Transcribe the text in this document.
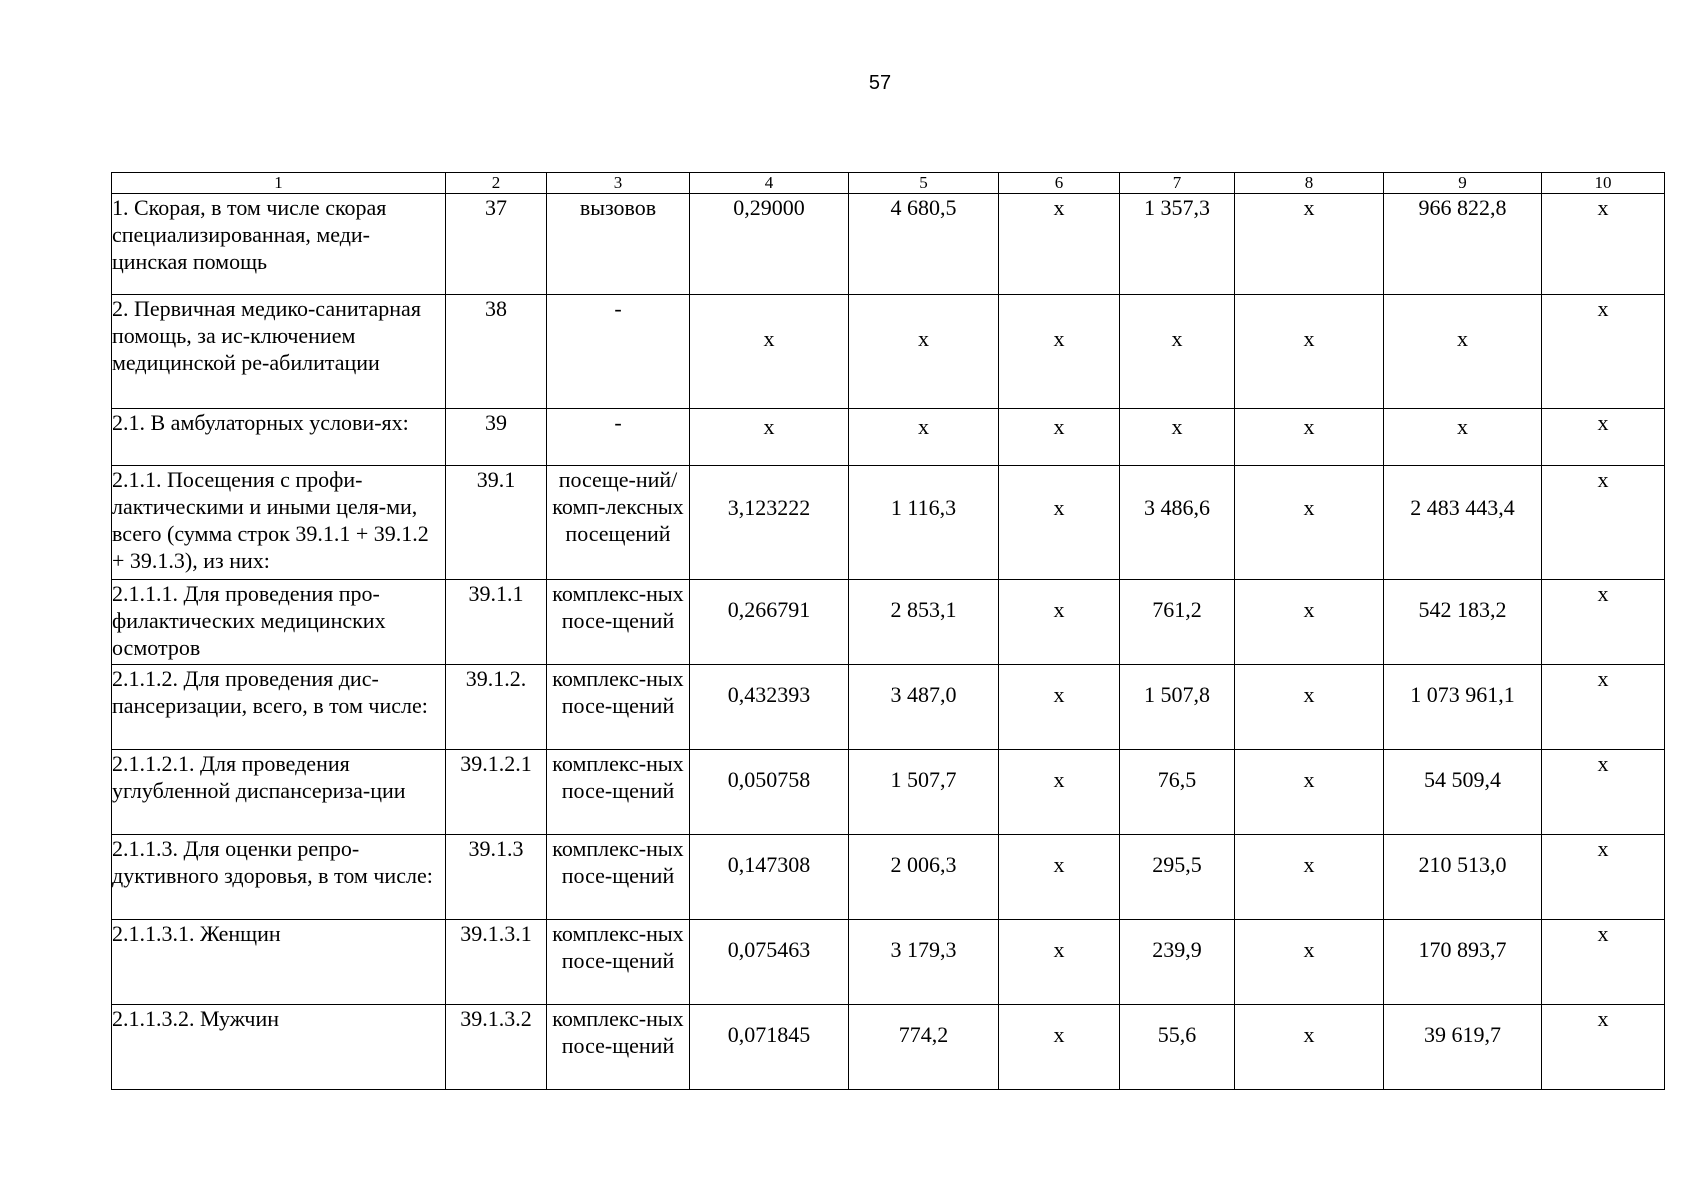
57
1	2	3	4	5	6	7	8	9	10
1. Скорая, в том числе скорая специализированная, меди-цинская помощь	37	вызовов	0,29000	4 680,5	х	1 357,3	х	966 822,8	х
2. Первичная медико-санитарная помощь, за ис-ключением медицинской ре-абилитации	38	-	х	х	х	х	х	х	х
2.1. В амбулаторных услови-ях:	39	-	х	х	х	х	х	х	х
2.1.1. Посещения с профи-лактическими и иными целя-ми, всего (сумма строк 39.1.1 + 39.1.2 + 39.1.3), из них:	39.1	посеще-ний/комп-лексных посещений	3,123222	1 116,3	х	3 486,6	х	2 483 443,4	х
2.1.1.1. Для проведения про-филактических медицинских осмотров	39.1.1	комплекс-ных посе-щений	0,266791	2 853,1	х	761,2	х	542 183,2	х
2.1.1.2. Для проведения дис-пансеризации, всего, в том числе:	39.1.2.	комплекс-ных посе-щений	0,432393	3 487,0	х	1 507,8	х	1 073 961,1	х
2.1.1.2.1. Для проведения углубленной диспансериза-ции	39.1.2.1	комплекс-ных посе-щений	0,050758	1 507,7	х	76,5	х	54 509,4	х
2.1.1.3. Для оценки репро-дуктивного здоровья, в том числе:	39.1.3	комплекс-ных посе-щений	0,147308	2 006,3	х	295,5	х	210 513,0	х
2.1.1.3.1. Женщин	39.1.3.1	комплекс-ных посе-щений	0,075463	3 179,3	х	239,9	х	170 893,7	х
2.1.1.3.2. Мужчин	39.1.3.2	комплекс-ных посе-щений	0,071845	774,2	х	55,6	х	39 619,7	х
